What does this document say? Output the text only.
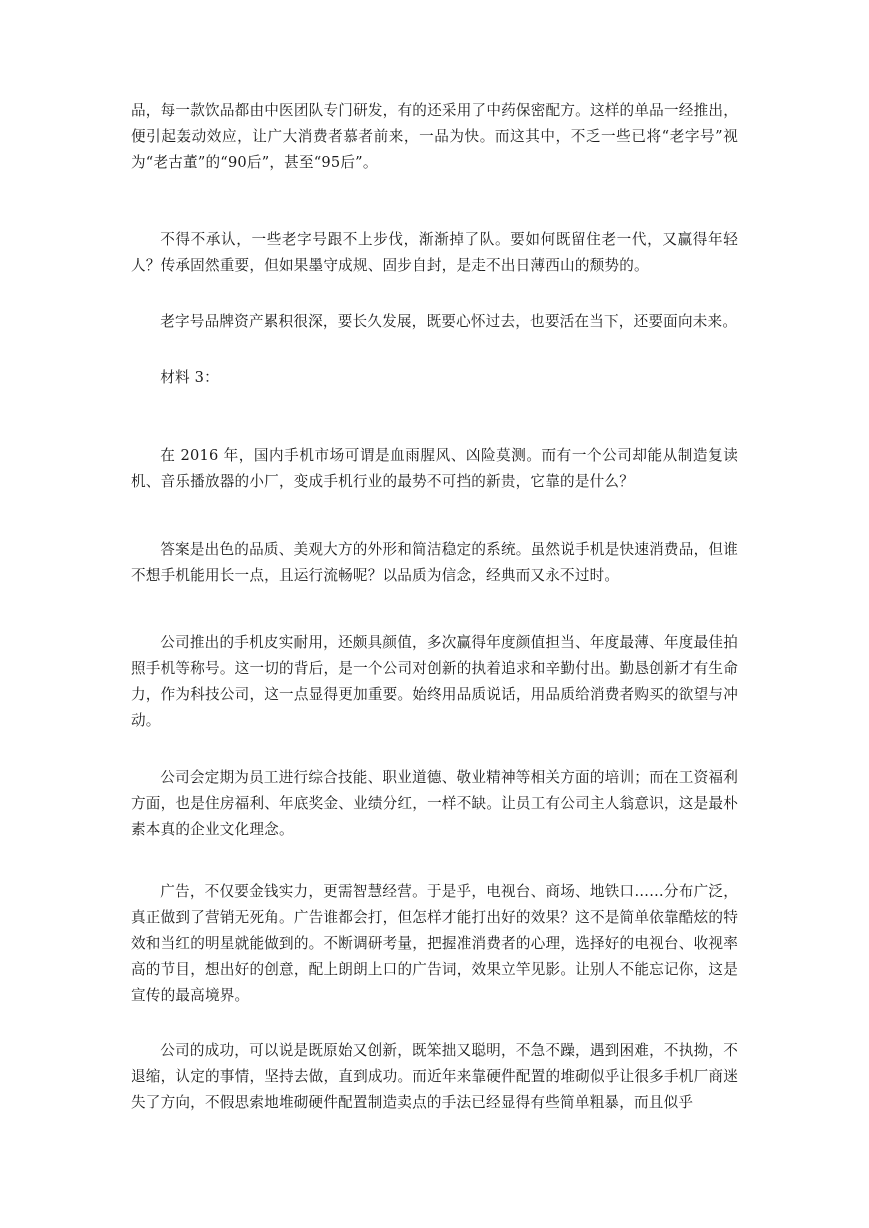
品，每一款饮品都由中医团队专门研发，有的还采用了中药保密配方。这样的单品一经推出，便引起轰动效应，让广大消费者慕者前来，一品为快。而这其中，不乏一些已将“老字号”视为“老古董”的“90后”，甚至“95后”。

不得不承认，一些老字号跟不上步伐，渐渐掉了队。要如何既留住老一代，又赢得年轻人？传承固然重要，但如果墨守成规、固步自封，是走不出日薄西山的颓势的。

老字号品牌资产累积很深，要长久发展，既要心怀过去，也要活在当下，还要面向未来。

材料 3：

在 2016 年，国内手机市场可谓是血雨腥风、凶险莫测。而有一个公司却能从制造复读机、音乐播放器的小厂，变成手机行业的最势不可挡的新贵，它靠的是什么？

答案是出色的品质、美观大方的外形和简洁稳定的系统。虽然说手机是快速消费品，但谁不想手机能用长一点，且运行流畅呢？以品质为信念，经典而又永不过时。

公司推出的手机皮实耐用，还颇具颜值，多次赢得年度颜值担当、年度最薄、年度最佳拍照手机等称号。这一切的背后，是一个公司对创新的执着追求和辛勤付出。勤恳创新才有生命力，作为科技公司，这一点显得更加重要。始终用品质说话，用品质给消费者购买的欲望与冲动。

公司会定期为员工进行综合技能、职业道德、敬业精神等相关方面的培训；而在工资福利方面，也是住房福利、年底奖金、业绩分红，一样不缺。让员工有公司主人翁意识，这是最朴素本真的企业文化理念。

广告，不仅要金钱实力，更需智慧经营。于是乎，电视台、商场、地铁口……分布广泛，真正做到了营销无死角。广告谁都会打，但怎样才能打出好的效果？这不是简单依靠酷炫的特效和当红的明星就能做到的。不断调研考量，把握准消费者的心理，选择好的电视台、收视率高的节目，想出好的创意，配上朗朗上口的广告词，效果立竿见影。让别人不能忘记你，这是宣传的最高境界。

公司的成功，可以说是既原始又创新，既笨拙又聪明，不急不躁，遇到困难，不执拗，不退缩，认定的事情，坚持去做，直到成功。而近年来靠硬件配置的堆砌似乎让很多手机厂商迷失了方向，不假思索地堆砌硬件配置制造卖点的手法已经显得有些简单粗暴，而且似乎
